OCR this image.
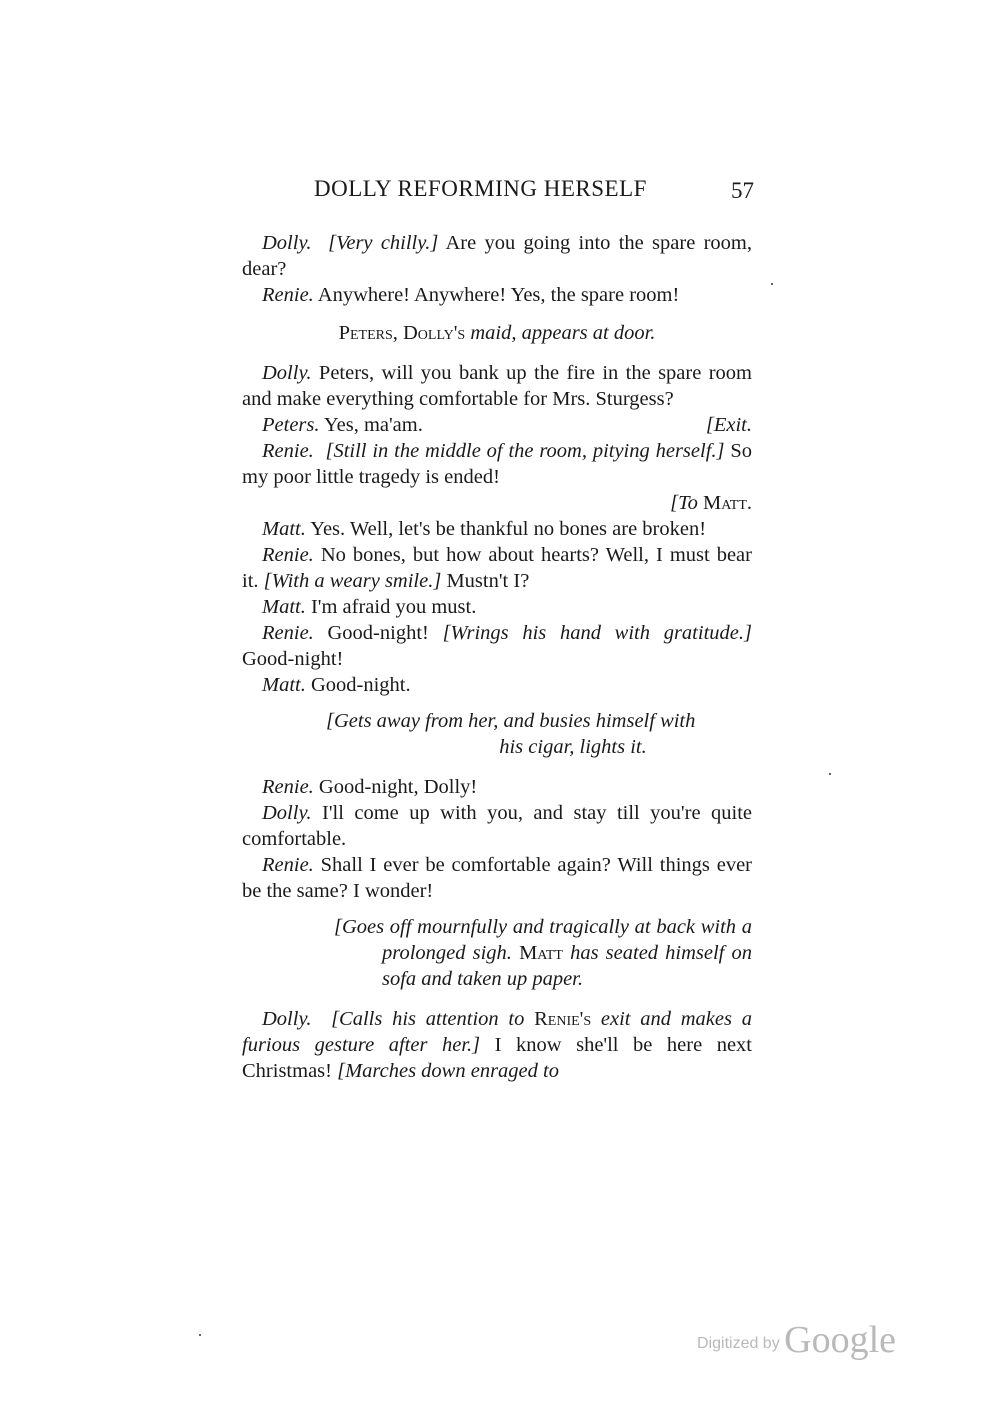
DOLLY REFORMING HERSELF	57

Dolly. [Very chilly.] Are you going into the spare room, dear?

Renie. Anywhere! Anywhere! Yes, the spare room!

Peters, Dolly's maid, appears at door.

Dolly. Peters, will you bank up the fire in the spare room and make everything comfortable for Mrs. Sturgess?

Peters. Yes, ma'am.	[Exit.

Renie. [Still in the middle of the room, pitying herself.] So my poor little tragedy is ended!

[To Matt.

Matt. Yes. Well, let's be thankful no bones are broken!

Renie. No bones, but how about hearts? Well, I must bear it. [With a weary smile.] Mustn't I?

Matt. I'm afraid you must.

Renie. Good-night! [Wrings his hand with gratitude.] Good-night!

Matt. Good-night.

[Gets away from her, and busies himself with
his cigar, lights it.

Renie. Good-night, Dolly!

Dolly. I'll come up with you, and stay till you're quite comfortable.

Renie. Shall I ever be comfortable again? Will things ever be the same? I wonder!

[Goes off mournfully and tragically at back with a prolonged sigh. Matt has seated himself on sofa and taken up paper.

Dolly. [Calls his attention to Renie's exit and makes a furious gesture after her.] I know she'll be here next Christmas! [Marches down enraged to

Digitized by Google
